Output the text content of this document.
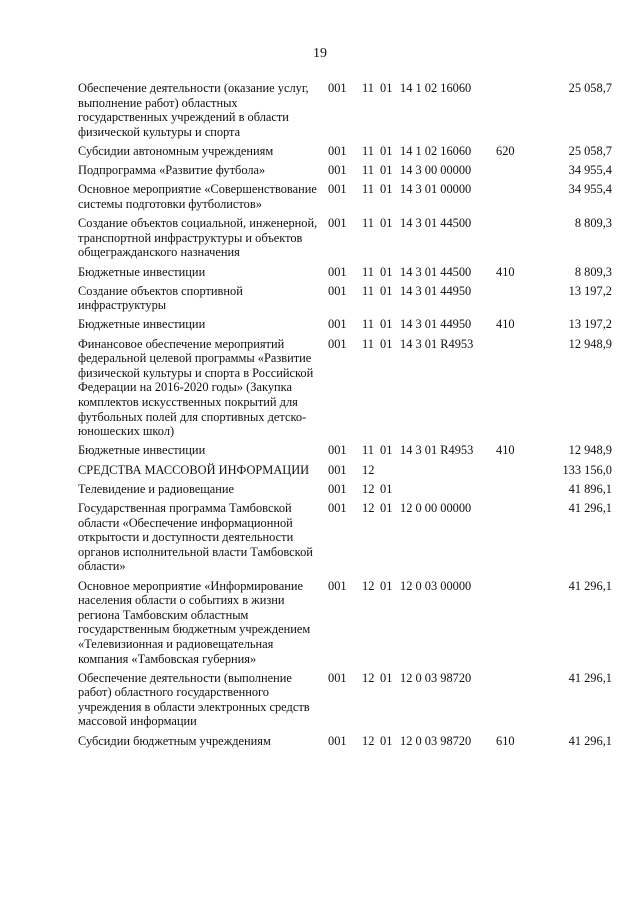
19
Обеспечение деятельности (оказание услуг, выполнение работ) областных государственных учреждений в области физической культуры и спорта
001	11 01 14 1 02 16060	25 058,7
Субсидии автономным учреждениям	001	11 01 14 1 02 16060	620	25 058,7
Подпрограмма «Развитие футбола»	001	11 01 14 3 00 00000	34 955,4
Основное мероприятие «Совершенствование системы подготовки футболистов»
001	11 01 14 3 01 00000	34 955,4
Создание объектов социальной, инженерной, транспортной инфраструктуры и объектов общегражданского назначения
001	11 01 14 3 01 44500	8 809,3
Бюджетные инвестиции	001	11 01 14 3 01 44500	410	8 809,3
Создание объектов спортивной инфраструктуры
001	11 01 14 3 01 44950	13 197,2
Бюджетные инвестиции	001	11 01 14 3 01 44950	410	13 197,2
Финансовое обеспечение мероприятий федеральной целевой программы «Развитие физической культуры и спорта в Российской Федерации на 2016-2020 годы» (Закупка комплектов искусственных покрытий для футбольных полей для спортивных детско-юношеских школ)
001	11 01 14 3 01 R4953	12 948,9
Бюджетные инвестиции	001	11 01 14 3 01 R4953	410	12 948,9
СРЕДСТВА МАССОВОЙ ИНФОРМАЦИИ	001	12	133 156,0
Телевидение и радиовещание	001	12 01	41 896,1
Государственная программа Тамбовской области «Обеспечение информационной открытости и доступности деятельности органов исполнительной власти Тамбовской области»
001	12 01 12 0 00 00000	41 296,1
Основное мероприятие «Информирование населения области о событиях в жизни региона Тамбовским областным государственным бюджетным учреждением «Телевизионная и радиовещательная компания «Тамбовская губерния»
001	12 01 12 0 03 00000	41 296,1
Обеспечение деятельности (выполнение работ) областного государственного учреждения в области электронных средств массовой информации
001	12 01 12 0 03 98720	41 296,1
Субсидии бюджетным учреждениям	001	12 01 12 0 03 98720	610	41 296,1
